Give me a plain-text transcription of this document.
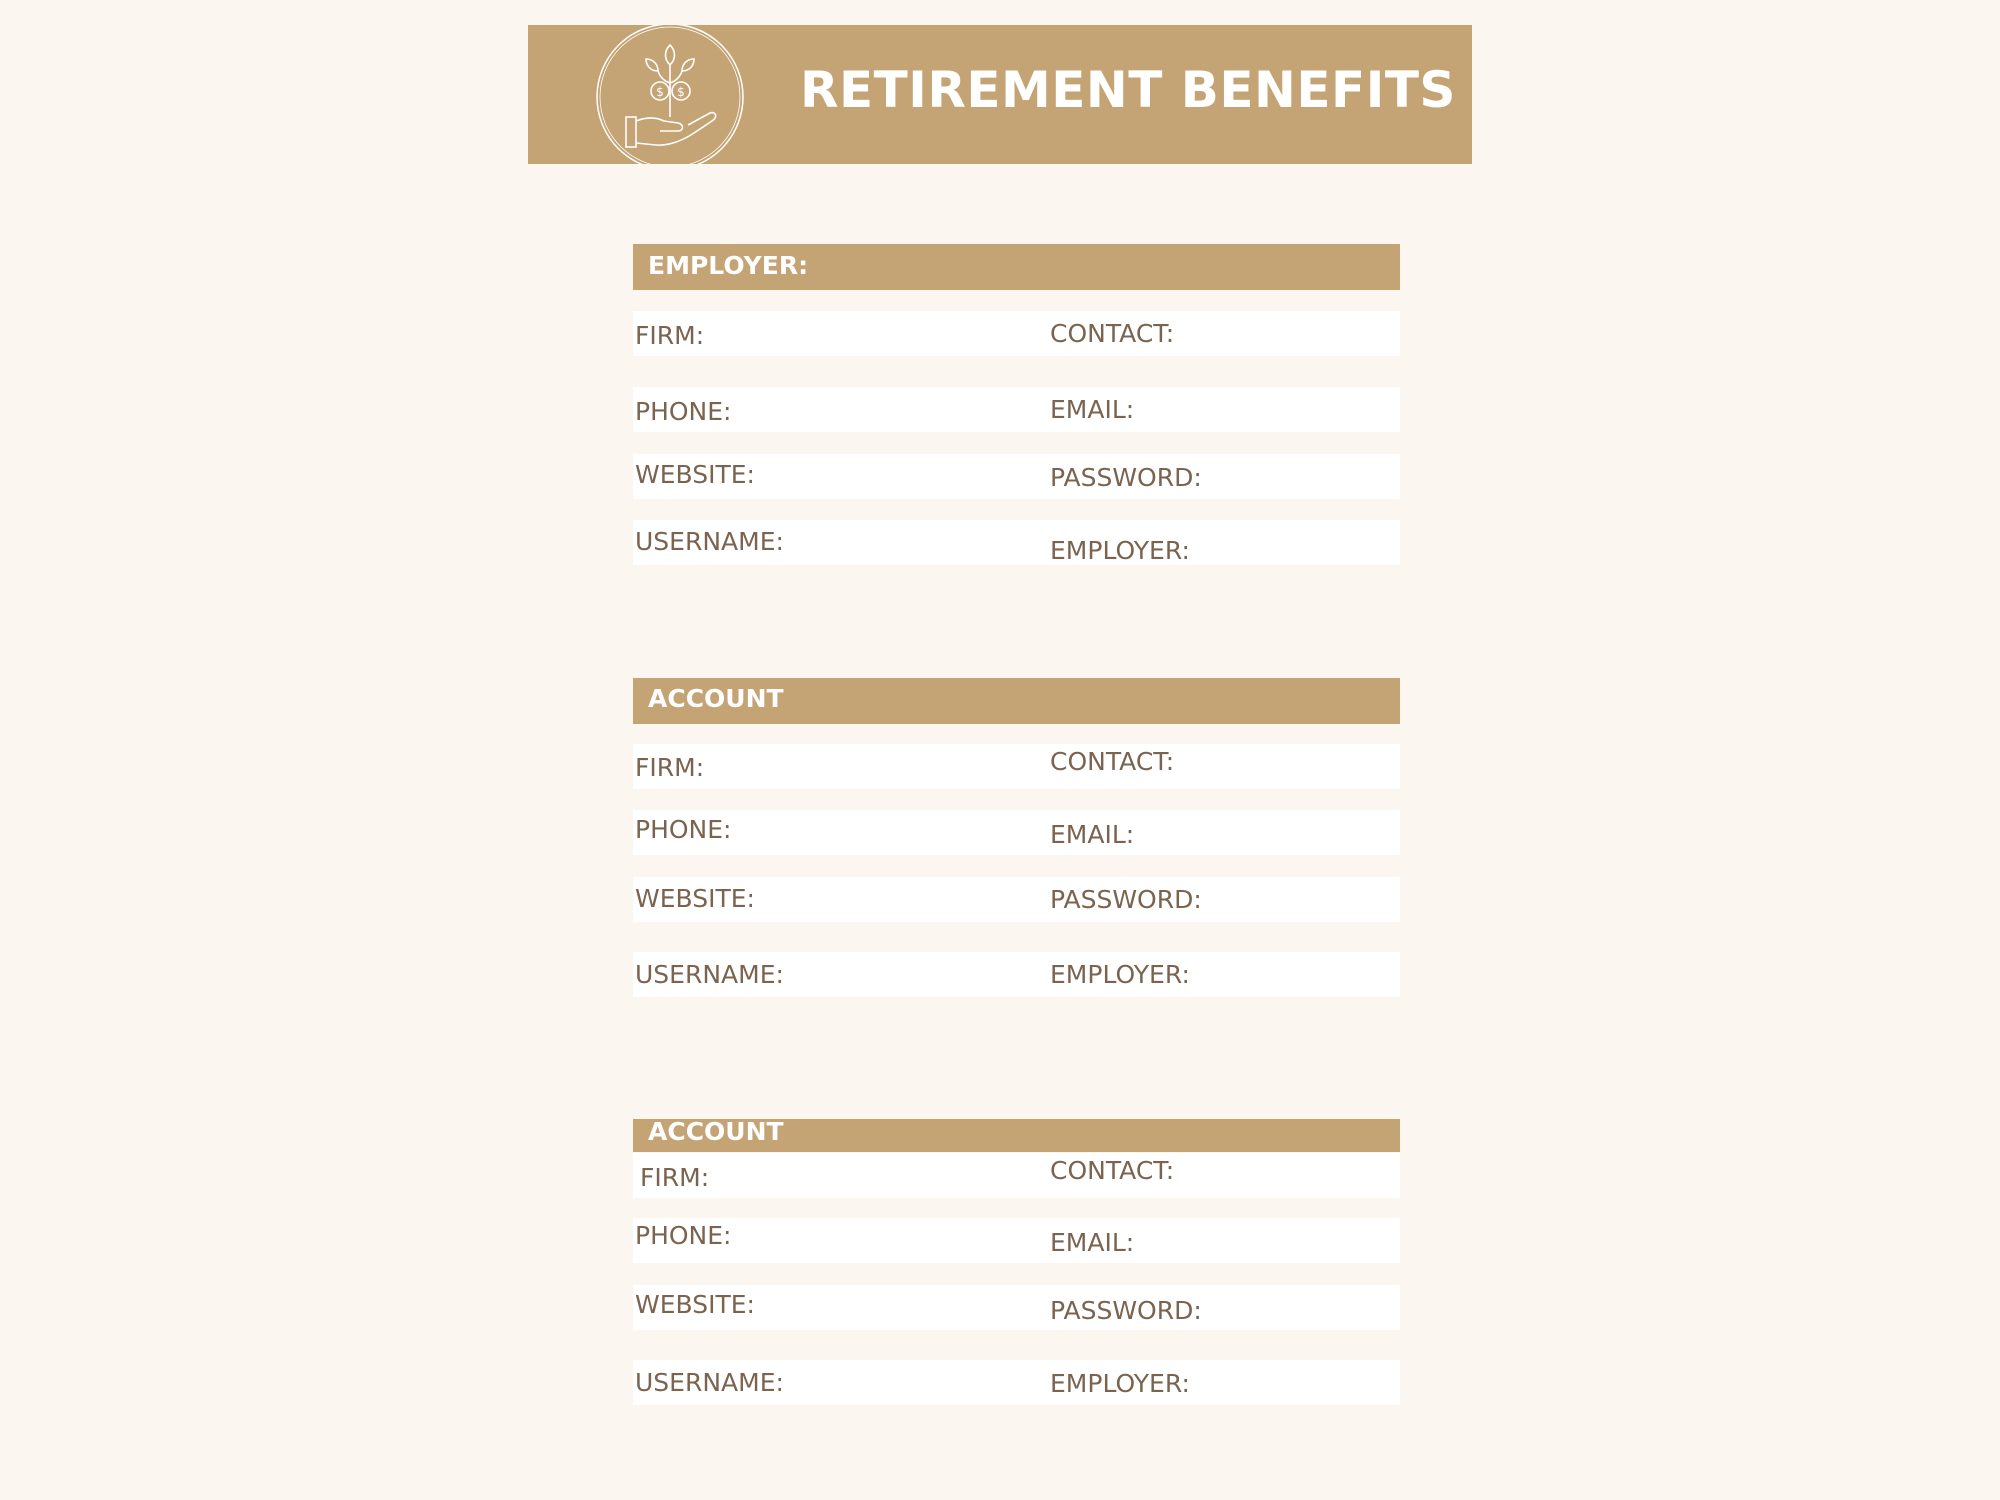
$ $ RETIREMENT BENEFITS
EMPLOYER:
FIRM:	CONTACT:
PHONE:	EMAIL:
WEBSITE:	PASSWORD:
USERNAME:	EMPLOYER:
ACCOUNT
FIRM:	CONTACT:
PHONE:	EMAIL:
WEBSITE:	PASSWORD:
USERNAME:	EMPLOYER:
ACCOUNT
FIRM:	CONTACT:
PHONE:	EMAIL:
WEBSITE:	PASSWORD:
USERNAME:	EMPLOYER:
